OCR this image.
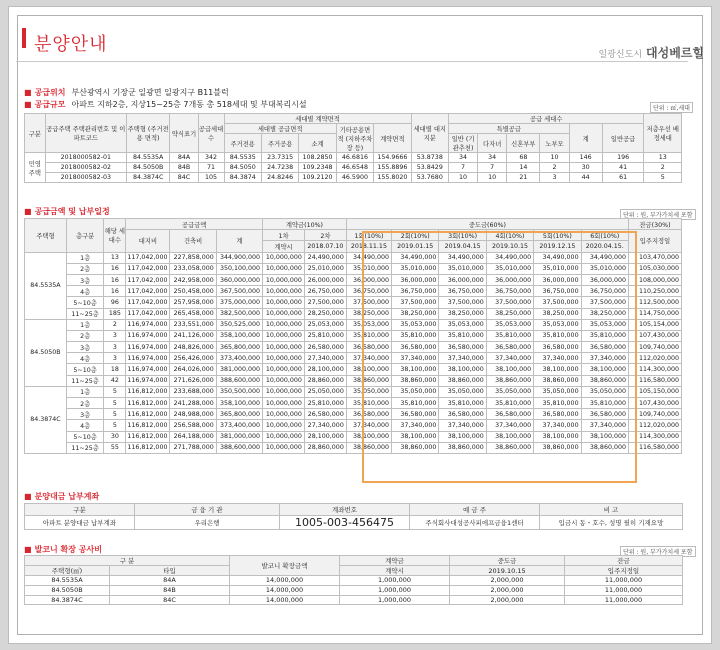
분양안내	일광신도시 대성베르힐
■ 공급위치 부산광역시 기장군 일광면 일광지구 B11블럭
■ 공급규모 아파트 지하2층, 지상15~25층 7개동 총 518세대 및 부대복리시설	단위 : ㎡,세대
구분	공급주택 주택관리번호 및 이파트코드	주택형 (주거전용 면적)	약식표기	공급세대수	세대별 계약면적					세대별 대지지분	공급 세대수						저층우선 배정세대
					세대별 공급면적			기타공용면적 (지하주차장 등)	계약면적		특별공급				계	일반공급	
					주거전용	주거공용	소계				일반 (기관추천)	다자녀	신혼부부	노부모			
민영 주택	2018000582-01	84.5535A	84A	342	84.5535	23.7315	108.2850	46.6816	154.9666	53.8738	34	34	68	10	146	196	13
	2018000582-02	84.5050B	84B	71	84.5050	24.7238	109.2348	46.6548	155.8896	53.8429	7	7	14	2	30	41	2
	2018000582-03	84.3874C	84C	105	84.3874	24.8246	109.2120	46.5900	155.8020	53.7680	10	10	21	3	44	61	5
■ 공급금액 및 납부일정	단위 : 원, 부가가치세 포함
주택형	층구분	해당 세대수	공급금액			계약금(10%)		중도금(60%)						잔금(30%)
			대지비	건축비	계	1차	2차	1회(10%)	2회(10%)	3회(10%)	4회(10%)	5회(10%)	6회(10%)	입주지정일
						계약시	2018.07.10	2018.11.15	2019.01.15	2019.04.15	2019.10.15	2019.12.15	2020.04.15.	
84.5535A	1층	13	117,042,000	227,858,000	344,900,000	10,000,000	24,490,000	34,490,000	34,490,000	34,490,000	34,490,000	34,490,000	34,490,000	103,470,000
	2층	16	117,042,000	233,058,000	350,100,000	10,000,000	25,010,000	35,010,000	35,010,000	35,010,000	35,010,000	35,010,000	35,010,000	105,030,000
	3층	16	117,042,000	242,958,000	360,000,000	10,000,000	26,000,000	36,000,000	36,000,000	36,000,000	36,000,000	36,000,000	36,000,000	108,000,000
	4층	16	117,042,000	250,458,000	367,500,000	10,000,000	26,750,000	36,750,000	36,750,000	36,750,000	36,750,000	36,750,000	36,750,000	110,250,000
	5~10층	96	117,042,000	257,958,000	375,000,000	10,000,000	27,500,000	37,500,000	37,500,000	37,500,000	37,500,000	37,500,000	37,500,000	112,500,000
	11~25층	185	117,042,000	265,458,000	382,500,000	10,000,000	28,250,000	38,250,000	38,250,000	38,250,000	38,250,000	38,250,000	38,250,000	114,750,000
84.5050B	1층	2	116,974,000	233,551,000	350,525,000	10,000,000	25,053,000	35,053,000	35,053,000	35,053,000	35,053,000	35,053,000	35,053,000	105,154,000
	2층	3	116,974,000	241,126,000	358,100,000	10,000,000	25,810,000	35,810,000	35,810,000	35,810,000	35,810,000	35,810,000	35,810,000	107,430,000
	3층	3	116,974,000	248,826,000	365,800,000	10,000,000	26,580,000	36,580,000	36,580,000	36,580,000	36,580,000	36,580,000	36,580,000	109,740,000
	4층	3	116,974,000	256,426,000	373,400,000	10,000,000	27,340,000	37,340,000	37,340,000	37,340,000	37,340,000	37,340,000	37,340,000	112,020,000
	5~10층	18	116,974,000	264,026,000	381,000,000	10,000,000	28,100,000	38,100,000	38,100,000	38,100,000	38,100,000	38,100,000	38,100,000	114,300,000
	11~25층	42	116,974,000	271,626,000	388,600,000	10,000,000	28,860,000	38,860,000	38,860,000	38,860,000	38,860,000	38,860,000	38,860,000	116,580,000
84.3874C	1층	5	116,812,000	233,688,000	350,500,000	10,000,000	25,050,000	35,050,000	35,050,000	35,050,000	35,050,000	35,050,000	35,050,000	105,150,000
	2층	5	116,812,000	241,288,000	358,100,000	10,000,000	25,810,000	35,810,000	35,810,000	35,810,000	35,810,000	35,810,000	35,810,000	107,430,000
	3층	5	116,812,000	248,988,000	365,800,000	10,000,000	26,580,000	36,580,000	36,580,000	36,580,000	36,580,000	36,580,000	36,580,000	109,740,000
	4층	5	116,812,000	256,588,000	373,400,000	10,000,000	27,340,000	37,340,000	37,340,000	37,340,000	37,340,000	37,340,000	37,340,000	112,020,000
	5~10층	30	116,812,000	264,188,000	381,000,000	10,000,000	28,100,000	38,100,000	38,100,000	38,100,000	38,100,000	38,100,000	38,100,000	114,300,000
	11~25층	55	116,812,000	271,788,000	388,600,000	10,000,000	28,860,000	38,860,000	38,860,000	38,860,000	38,860,000	38,860,000	38,860,000	116,580,000
■ 분양대금 납부계좌
구분	금 융 기 관	계좌번호	예 금 주	비 고
아파트 분양대금 납부계좌	우리은행	1005-003-456475	주식회사대성공사피에프금융1센터	입금시 동・호수, 성명 필히 기재요망
■ 발코니 확장 공사비	단위 : 원, 부가가치세 포함
구 분		발코니 확장금액	계약금	중도금	잔금
주택형(㎡)	타입		계약시	2019.10.15	입주지정일
84.5535A	84A	14,000,000	1,000,000	2,000,000	11,000,000
84.5050B	84B	14,000,000	1,000,000	2,000,000	11,000,000
84.3874C	84C	14,000,000	1,000,000	2,000,000	11,000,000
